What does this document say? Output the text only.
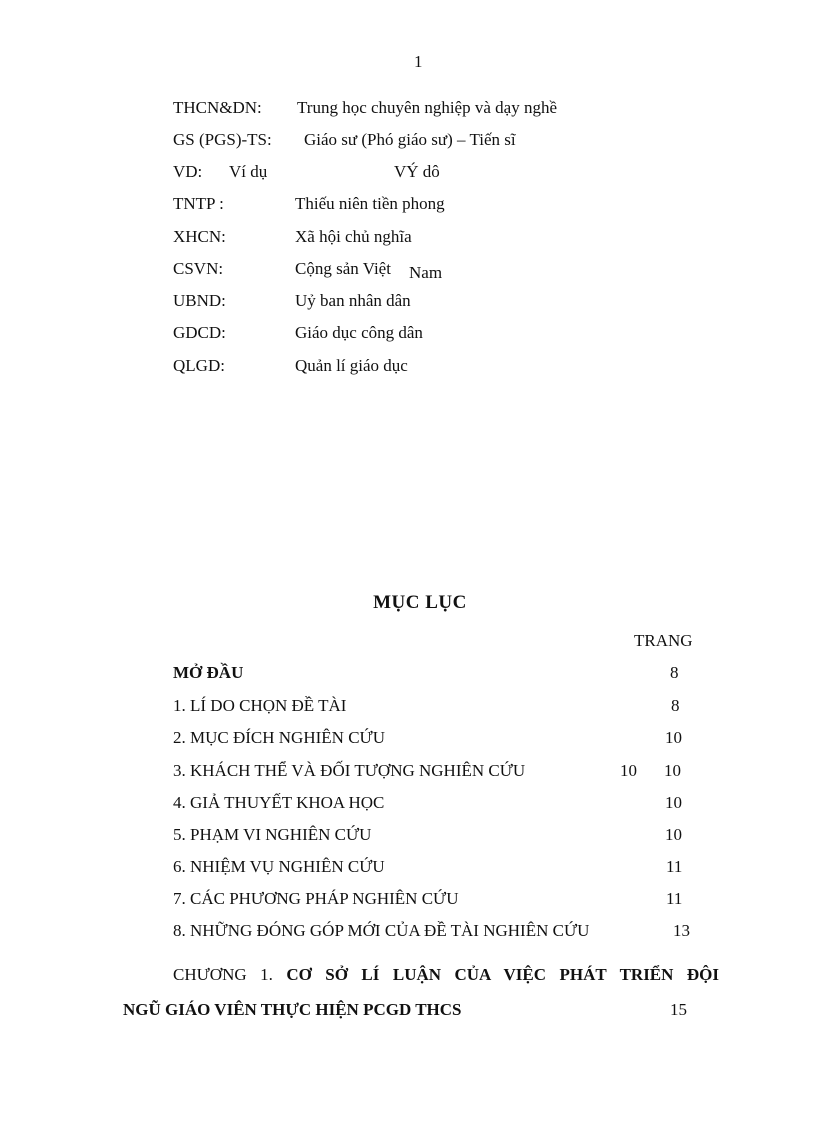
1
THCN&DN: Trung học chuyên nghiệp và dạy nghề
GS (PGS)-TS: Giáo sư (Phó giáo sư) – Tiến sĩ
VD: Ví dụ	VÝ dô
TNTP :	Thiếu niên tiền phong
XHCN:	Xã hội chủ nghĩa
CSVN:	Cộng sản Việt Nam
UBND:	Uỷ ban nhân dân
GDCD:	Giáo dục công dân
QLGD:	Quản lí giáo dục
MỤC LỤC
TRANG
MỞ ĐẦU	8
1. LÍ DO CHỌN ĐỀ TÀI	8
2. MỤC ĐÍCH NGHIÊN CỨU	10
3. KHÁCH THỂ VÀ ĐỐI TƯỢNG NGHIÊN CỨU	10 10
4. GIẢ THUYẾT KHOA HỌC	10
5. PHẠM VI NGHIÊN CỨU	10
6. NHIỆM VỤ NGHIÊN CỨU	11
7. CÁC PHƯƠNG PHÁP NGHIÊN CỨU	11
8. NHỮNG ĐÓNG GÓP MỚI CỦA ĐỀ TÀI NGHIÊN CỨU	13
CHƯƠNG 1. CƠ SỞ LÍ LUẬN CỦA VIỆC PHÁT TRIỂN ĐỘI
NGŨ GIÁO VIÊN THỰC HIỆN PCGD THCS	15
